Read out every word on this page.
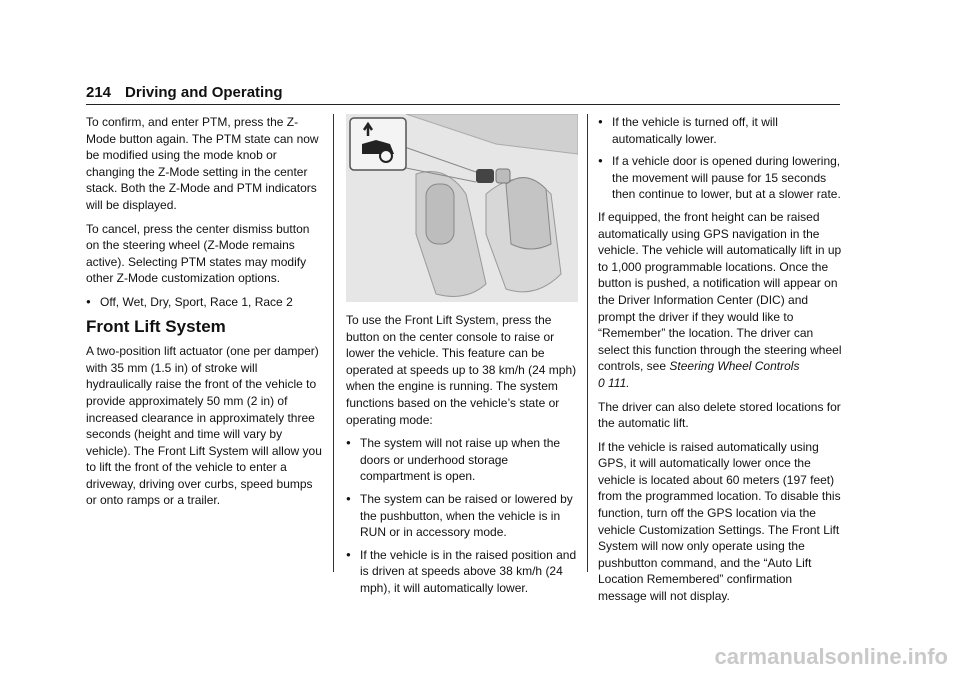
214 Driving and Operating

To confirm, and enter PTM, press the Z-Mode button again. The PTM state can now be modified using the mode knob or changing the Z-Mode setting in the center stack. Both the Z-Mode and PTM indicators will be displayed.

To cancel, press the center dismiss button on the steering wheel (Z-Mode remains active). Selecting PTM states may modify other Z-Mode customization options.

● Off, Wet, Dry, Sport, Race 1, Race 2
Front Lift System

A two-position lift actuator (one per damper) with 35 mm (1.5 in) of stroke will hydraulically raise the front of the vehicle to provide approximately 50 mm (2 in) of increased clearance in approximately three seconds (height and time will vary by vehicle). The Front Lift System will allow you to lift the front of the vehicle to enter a driveway, driving over curbs, speed bumps or onto ramps or a trailer.

To use the Front Lift System, press the button on the center console to raise or lower the vehicle. This feature can be operated at speeds up to 38 km/h (24 mph) when the engine is running. The system functions based on the vehicle’s state or operating mode:

● The system will not raise up when the doors or underhood storage compartment is open.
● The system can be raised or lowered by the pushbutton, when the vehicle is in RUN or in accessory mode.
● If the vehicle is in the raised position and is driven at speeds above 38 km/h (24 mph), it will automatically lower.
● If the vehicle is turned off, it will automatically lower.
● If a vehicle door is opened during lowering, the movement will pause for 15 seconds then continue to lower, but at a slower rate.

If equipped, the front height can be raised automatically using GPS navigation in the vehicle. The vehicle will automatically lift in up to 1,000 programmable locations. Once the button is pushed, a notification will appear on the Driver Information Center (DIC) and prompt the driver if they would like to “Remember” the location. The driver can select this function through the steering wheel controls, see Steering Wheel Controls
0 111.

The driver can also delete stored locations for the automatic lift.

If the vehicle is raised automatically using GPS, it will automatically lower once the vehicle is located about 60 meters (197 feet) from the programmed location. To disable this function, turn off the GPS location via the vehicle Customization Settings. The Front Lift System will now only operate using the pushbutton command, and the “Auto Lift Location Remembered” confirmation message will not display.

carmanualsonline.info
